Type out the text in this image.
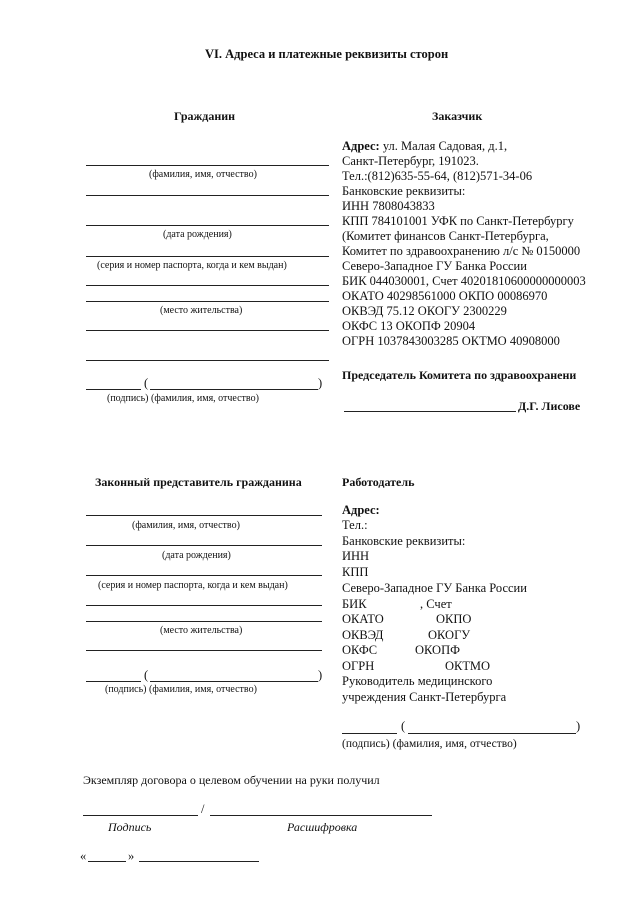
VI. Адреса и платежные реквизиты сторон
Гражданин
(фамилия, имя, отчество)
(дата рождения)
(серия и номер паспорта, когда и кем выдан)
(место жительства)
(	)
(подпись) (фамилия, имя, отчество)
Заказчик
Адрес: ул. Малая Садовая, д.1,
Санкт-Петербург, 191023.
Тел.:(812)635-55-64, (812)571-34-06
Банковские реквизиты:
ИНН 7808043833
КПП 784101001 УФК по Санкт-Петербургу
(Комитет финансов Санкт-Петербурга,
Комитет по здравоохранению л/с № 0150000
Северо-Западное ГУ Банка России
БИК 044030001, Счет 40201810600000000003
ОКАТО 40298561000 ОКПО 00086970
ОКВЭД 75.12 ОКОГУ 2300229
ОКФС 13 ОКОПФ 20904
ОГРН 1037843003285 ОКТМО 40908000
Председатель Комитета по здравоохранени
Д.Г. Лисове
Законный представитель гражданина
(фамилия, имя, отчество)
(дата рождения)
(серия и номер паспорта, когда и кем выдан)
(место жительства)
(	)
(подпись) (фамилия, имя, отчество)
Работодатель
Адрес:
Тел.:
Банковские реквизиты:
ИНН
КПП
Северо-Западное ГУ Банка России
БИК	, Счет
ОКАТО	ОКПО
ОКВЭД	ОКОГУ
ОКФС	ОКОПФ
ОГРН	ОКТМО
Руководитель медицинского
учреждения Санкт-Петербурга
(	)
(подпись) (фамилия, имя, отчество)
Экземпляр договора о целевом обучении на руки получил
/
Подпись	Расшифровка
«	»
